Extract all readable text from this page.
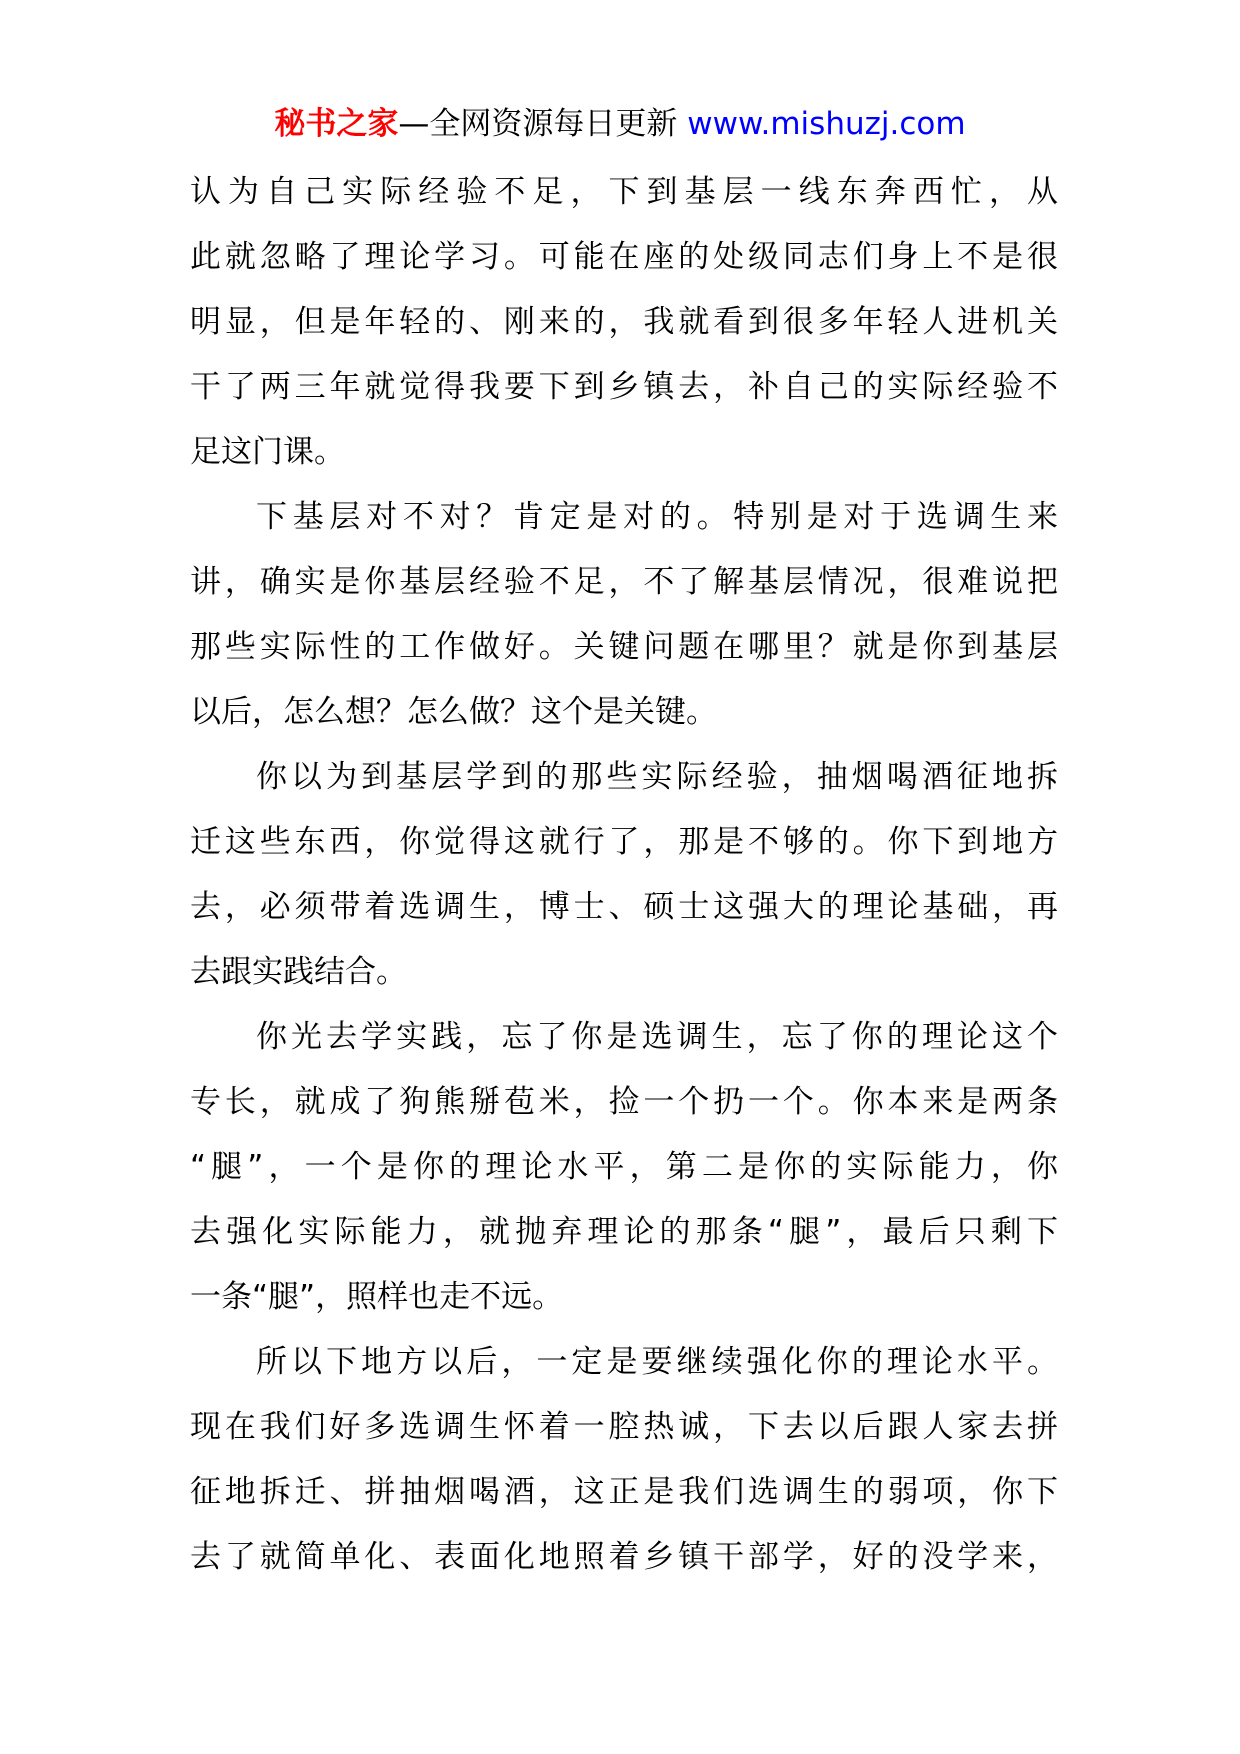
秘书之家—全网资源每日更新 www.mishuzj.com
认为自己实际经验不足，下到基层一线东奔西忙，从
此就忽略了理论学习。可能在座的处级同志们身上不是很
明显，但是年轻的、刚来的，我就看到很多年轻人进机关
干了两三年就觉得我要下到乡镇去，补自己的实际经验不
足这门课。
下基层对不对？肯定是对的。特别是对于选调生来
讲，确实是你基层经验不足，不了解基层情况，很难说把
那些实际性的工作做好。关键问题在哪里？就是你到基层
以后，怎么想？怎么做？这个是关键。
你以为到基层学到的那些实际经验，抽烟喝酒征地拆
迁这些东西，你觉得这就行了，那是不够的。你下到地方
去，必须带着选调生，博士、硕士这强大的理论基础，再
去跟实践结合。
你光去学实践，忘了你是选调生，忘了你的理论这个
专长，就成了狗熊掰苞米，捡一个扔一个。你本来是两条
“腿”，一个是你的理论水平，第二是你的实际能力，你
去强化实际能力，就抛弃理论的那条“腿”，最后只剩下
一条“腿”，照样也走不远。
所以下地方以后，一定是要继续强化你的理论水平。
现在我们好多选调生怀着一腔热诚，下去以后跟人家去拼
征地拆迁、拼抽烟喝酒，这正是我们选调生的弱项，你下
去了就简单化、表面化地照着乡镇干部学，好的没学来，
